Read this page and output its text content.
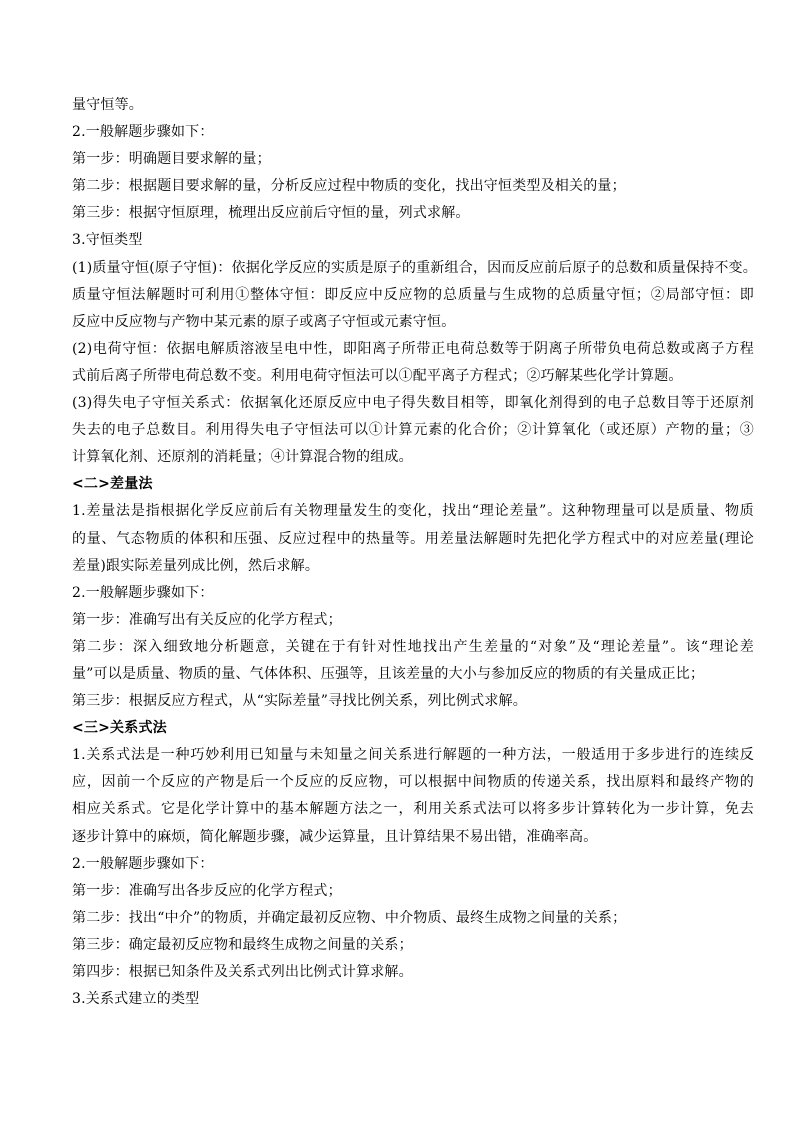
量守恒等。
2.一般解题步骤如下：
第一步：明确题目要求解的量；
第二步：根据题目要求解的量，分析反应过程中物质的变化，找出守恒类型及相关的量；
第三步：根据守恒原理，梳理出反应前后守恒的量，列式求解。
3.守恒类型
(1)质量守恒(原子守恒)：依据化学反应的实质是原子的重新组合，因而反应前后原子的总数和质量保持不变。
质量守恒法解题时可利用①整体守恒：即反应中反应物的总质量与生成物的总质量守恒；②局部守恒：即
反应中反应物与产物中某元素的原子或离子守恒或元素守恒。
(2)电荷守恒：依据电解质溶液呈电中性，即阳离子所带正电荷总数等于阴离子所带负电荷总数或离子方程
式前后离子所带电荷总数不变。利用电荷守恒法可以①配平离子方程式；②巧解某些化学计算题。
(3)得失电子守恒关系式：依据氧化还原反应中电子得失数目相等，即氧化剂得到的电子总数目等于还原剂
失去的电子总数目。利用得失电子守恒法可以①计算元素的化合价；②计算氧化（或还原）产物的量；③
计算氧化剂、还原剂的消耗量；④计算混合物的组成。
<二>差量法
1.差量法是指根据化学反应前后有关物理量发生的变化，找出“理论差量”。这种物理量可以是质量、物质
的量、气态物质的体积和压强、反应过程中的热量等。用差量法解题时先把化学方程式中的对应差量(理论
差量)跟实际差量列成比例，然后求解。
2.一般解题步骤如下：
第一步：准确写出有关反应的化学方程式；
第二步：深入细致地分析题意，关键在于有针对性地找出产生差量的“对象”及“理论差量”。该“理论差
量”可以是质量、物质的量、气体体积、压强等，且该差量的大小与参加反应的物质的有关量成正比；
第三步：根据反应方程式，从“实际差量”寻找比例关系，列比例式求解。
<三>关系式法
1.关系式法是一种巧妙利用已知量与未知量之间关系进行解题的一种方法，一般适用于多步进行的连续反
应，因前一个反应的产物是后一个反应的反应物，可以根据中间物质的传递关系，找出原料和最终产物的
相应关系式。它是化学计算中的基本解题方法之一，利用关系式法可以将多步计算转化为一步计算，免去
逐步计算中的麻烦，简化解题步骤，减少运算量，且计算结果不易出错，准确率高。
2.一般解题步骤如下：
第一步：准确写出各步反应的化学方程式；
第二步：找出“中介”的物质，并确定最初反应物、中介物质、最终生成物之间量的关系；
第三步：确定最初反应物和最终生成物之间量的关系；
第四步：根据已知条件及关系式列出比例式计算求解。
3.关系式建立的类型
